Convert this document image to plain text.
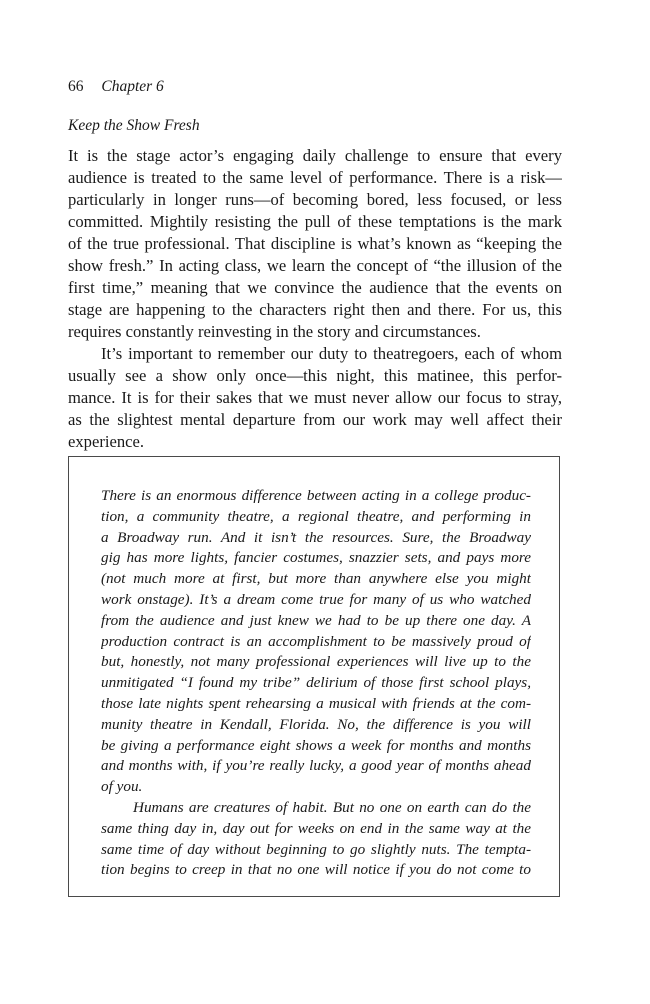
66 Chapter 6
Keep the Show Fresh
It is the stage actor’s engaging daily challenge to ensure that every
audience is treated to the same level of performance. There is a risk—
particularly in longer runs—of becoming bored, less focused, or less
committed. Mightily resisting the pull of these temptations is the mark
of the true professional. That discipline is what’s known as “keeping the
show fresh.” In acting class, we learn the concept of “the illusion of the
first time,” meaning that we convince the audience that the events on
stage are happening to the characters right then and there. For us, this
requires constantly reinvesting in the story and circumstances.
It’s important to remember our duty to theatregoers, each of whom
usually see a show only once—this night, this matinee, this perfor-
mance. It is for their sakes that we must never allow our focus to stray,
as the slightest mental departure from our work may well affect their
experience.
There is an enormous difference between acting in a college produc-
tion, a community theatre, a regional theatre, and performing in
a Broadway run. And it isn’t the resources. Sure, the Broadway
gig has more lights, fancier costumes, snazzier sets, and pays more
(not much more at first, but more than anywhere else you might
work onstage). It’s a dream come true for many of us who watched
from the audience and just knew we had to be up there one day. A
production contract is an accomplishment to be massively proud of
but, honestly, not many professional experiences will live up to the
unmitigated “I found my tribe” delirium of those first school plays,
those late nights spent rehearsing a musical with friends at the com-
munity theatre in Kendall, Florida. No, the difference is you will
be giving a performance eight shows a week for months and months
and months with, if you’re really lucky, a good year of months ahead
of you.
Humans are creatures of habit. But no one on earth can do the
same thing day in, day out for weeks on end in the same way at the
same time of day without beginning to go slightly nuts. The tempta-
tion begins to creep in that no one will notice if you do not come to
